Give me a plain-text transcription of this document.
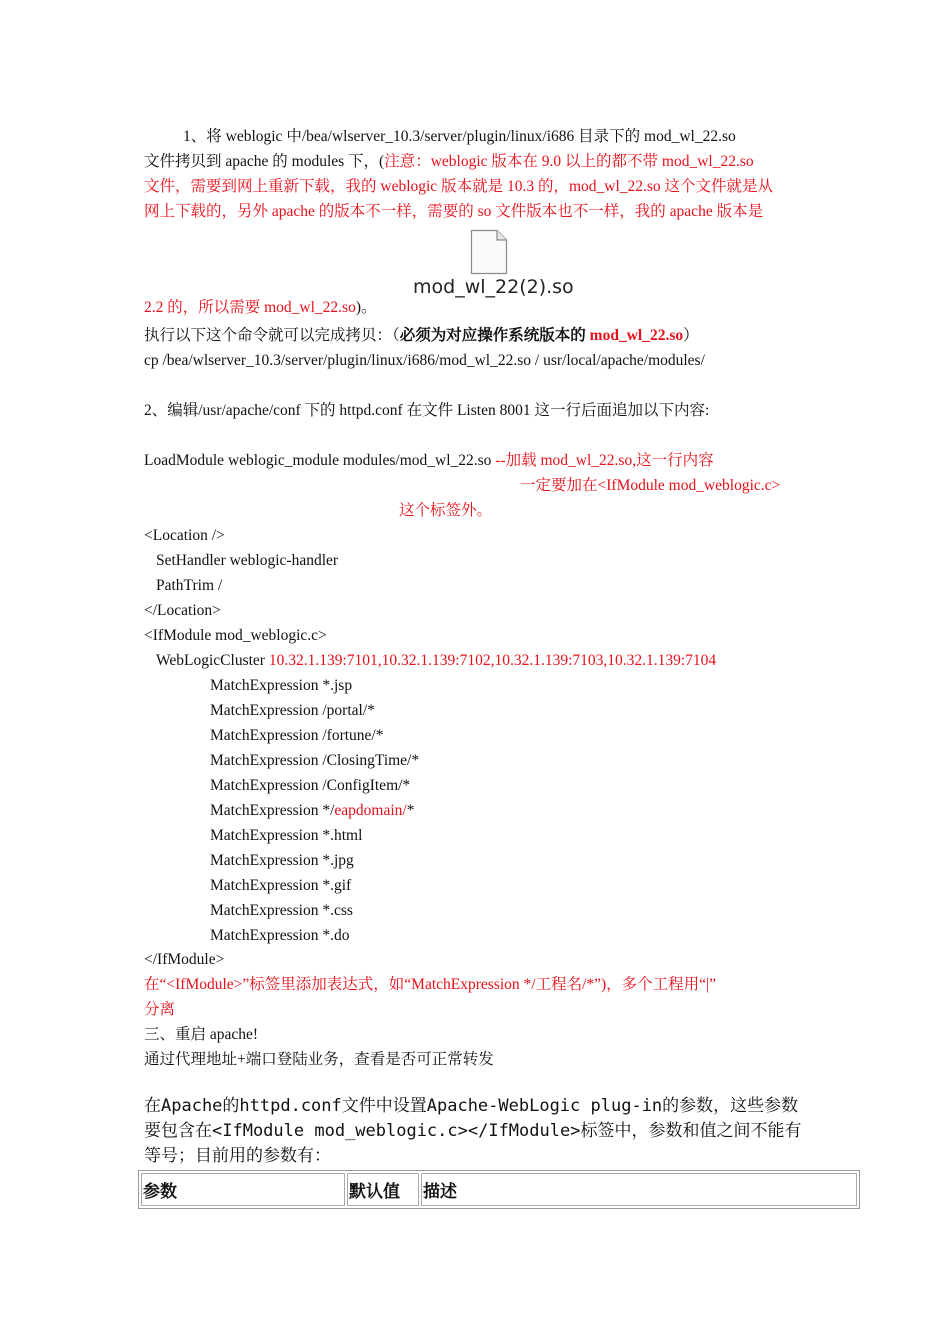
1、将 weblogic 中/bea/wlserver_10.3/server/plugin/linux/i686 目录下的 mod_wl_22.so
文件拷贝到 apache 的 modules 下，(注意：weblogic 版本在 9.0 以上的都不带 mod_wl_22.so
文件，需要到网上重新下载，我的 weblogic 版本就是 10.3 的，mod_wl_22.so 这个文件就是从
网上下载的，另外 apache 的版本不一样，需要的 so 文件版本也不一样，我的 apache 版本是
mod_wl_22(2).so
2.2 的，所以需要 mod_wl_22.so)。
执行以下这个命令就可以完成拷贝：（必须为对应操作系统版本的 mod_wl_22.so）
cp /bea/wlserver_10.3/server/plugin/linux/i686/mod_wl_22.so / usr/local/apache/modules/
2、编辑/usr/apache/conf 下的 httpd.conf 在文件 Listen 8001 这一行后面追加以下内容:
LoadModule weblogic_module modules/mod_wl_22.so --加载 mod_wl_22.so,这一行内容
一定要加在<IfModule mod_weblogic.c>
这个标签外。
<Location />
SetHandler weblogic-handler
PathTrim /
</Location>
<IfModule mod_weblogic.c>
WebLogicCluster 10.32.1.139:7101,10.32.1.139:7102,10.32.1.139:7103,10.32.1.139:7104
MatchExpression *.jsp
MatchExpression /portal/*
MatchExpression /fortune/*
MatchExpression /ClosingTime/*
MatchExpression /ConfigItem/*
MatchExpression */eapdomain/*
MatchExpression *.html
MatchExpression *.jpg
MatchExpression *.gif
MatchExpression *.css
MatchExpression *.do
</IfModule>
在“<IfModule>”标签里添加表达式，如“MatchExpression */工程名/*”)，多个工程用“|”
分离
三、重启 apache!
通过代理地址+端口登陆业务，查看是否可正常转发
在Apache的httpd.conf文件中设置Apache-WebLogic plug-in的参数，这些参数要包含在<IfModule mod_weblogic.c></IfModule>标签中，参数和值之间不能有等号；目前用的参数有：
参数	默认值	描述
